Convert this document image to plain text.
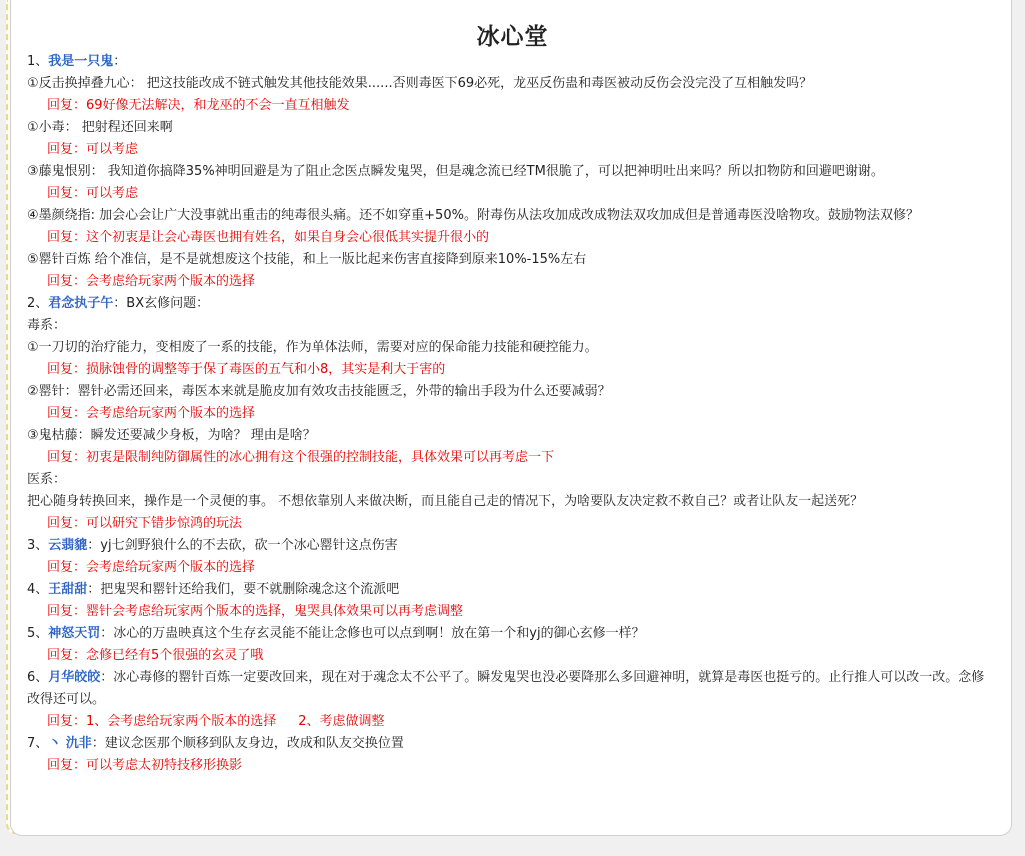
冰心堂
1、我是一只鬼：
①反击换掉叠九心： 把这技能改成不链式触发其他技能效果......否则毒医下69必死，龙巫反伤蛊和毒医被动反伤会没完没了互相触发吗？
回复：69好像无法解决，和龙巫的不会一直互相触发
①小毒： 把射程还回来啊
回复：可以考虑
③藤鬼恨别： 我知道你搞降35%神明回避是为了阻止念医点瞬发鬼哭，但是魂念流已经TM很脆了，可以把神明吐出来吗？所以扣物防和回避吧谢谢。
回复：可以考虑
④墨颜绕指: 加会心会让广大没事就出重击的纯毒很头痛。还不如穿重+50%。附毒伤从法攻加成改成物法双攻加成但是普通毒医没啥物攻。鼓励物法双修？
回复：这个初衷是让会心毒医也拥有姓名，如果自身会心很低其实提升很小的
⑤罂针百炼 给个准信，是不是就想废这个技能，和上一版比起来伤害直接降到原来10%-15%左右
回复：会考虑给玩家两个版本的选择
2、君念执子午：BX玄修问题：
毒系：
①一刀切的治疗能力，变相废了一系的技能，作为单体法师，需要对应的保命能力技能和硬控能力。
回复：损脉蚀骨的调整等于保了毒医的五气和小8，其实是利大于害的
②罂针：罂针必需还回来，毒医本来就是脆皮加有效攻击技能匮乏，外带的输出手段为什么还要减弱？
回复：会考虑给玩家两个版本的选择
③鬼枯藤：瞬发还要减少身板，为啥？ 理由是啥？
回复：初衷是限制纯防御属性的冰心拥有这个很强的控制技能，具体效果可以再考虑一下
医系：
把心随身转换回来，操作是一个灵便的事。 不想依靠别人来做决断，而且能自己走的情况下，为啥要队友决定救不救自己？或者让队友一起送死？
回复：可以研究下错步惊鸿的玩法
3、云翡貔：yj七剑野狼什么的不去砍，砍一个冰心罂针这点伤害
回复：会考虑给玩家两个版本的选择
4、王甜甜：把鬼哭和罂针还给我们，要不就删除魂念这个流派吧
回复：罂针会考虑给玩家两个版本的选择，鬼哭具体效果可以再考虑调整
5、神怒天罚：冰心的万蛊映真这个生存玄灵能不能让念修也可以点到啊！放在第一个和yj的御心玄修一样？
回复：念修已经有5个很强的玄灵了哦
6、月华皎皎：冰心毒修的罂针百炼一定要改回来，现在对于魂念太不公平了。瞬发鬼哭也没必要降那么多回避神明，就算是毒医也挺亏的。止行推人可以改一改。念修改得还可以。
回复：1、会考虑给玩家两个版本的选择 2、考虑做调整
7、丶 氿非：建议念医那个顺移到队友身边，改成和队友交换位置
回复：可以考虑太初特技移形换影
